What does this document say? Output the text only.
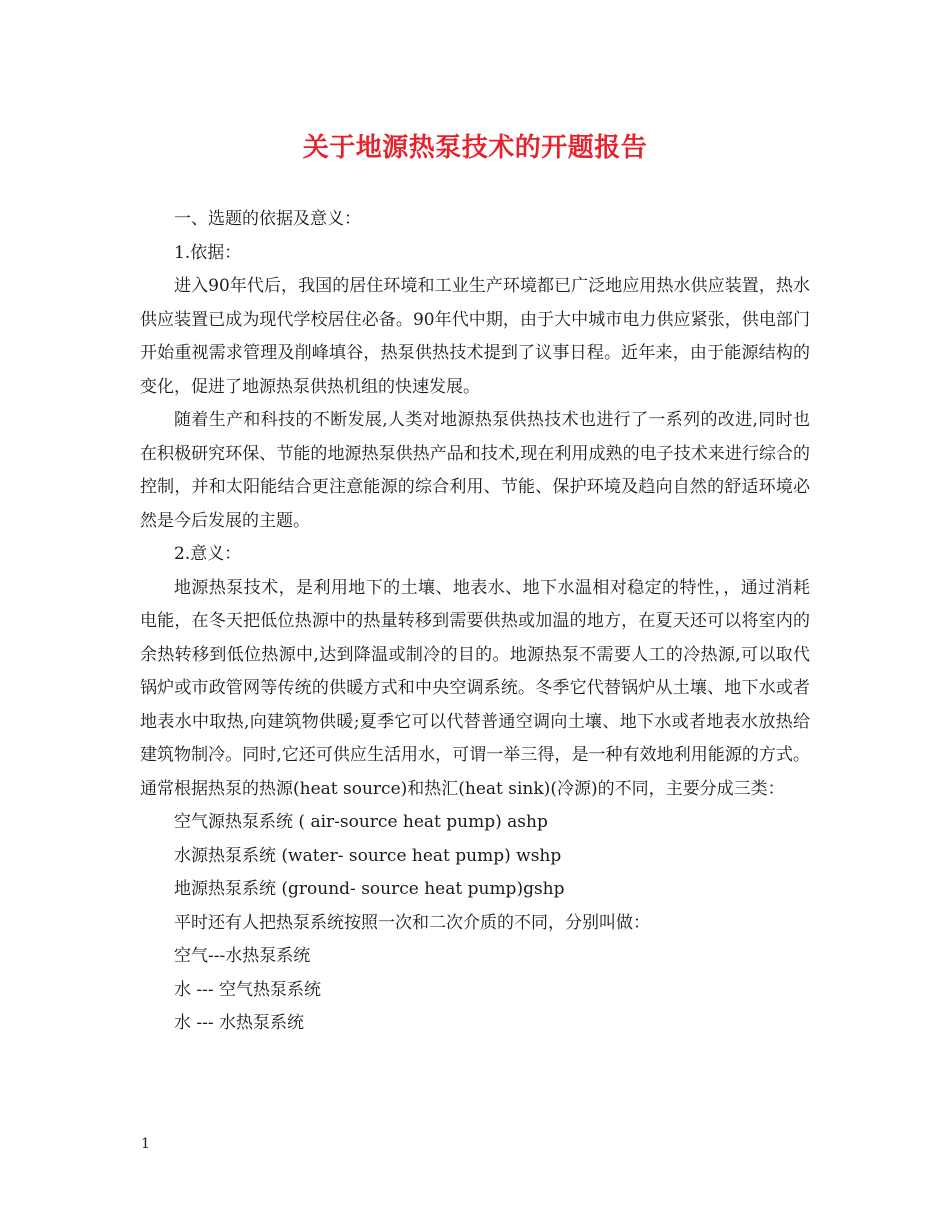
关于地源热泵技术的开题报告

一、选题的依据及意义：

1.依据：

进入90年代后，我国的居住环境和工业生产环境都已广泛地应用热水供应装置，热水供应装置已成为现代学校居住必备。90年代中期，由于大中城市电力供应紧张，供电部门开始重视需求管理及削峰填谷，热泵供热技术提到了议事日程。近年来，由于能源结构的变化，促进了地源热泵供热机组的快速发展。

随着生产和科技的不断发展,人类对地源热泵供热技术也进行了一系列的改进,同时也在积极研究环保、节能的地源热泵供热产品和技术,现在利用成熟的电子技术来进行综合的控制，并和太阳能结合更注意能源的综合利用、节能、保护环境及趋向自然的舒适环境必然是今后发展的主题。

2.意义：

地源热泵技术，是利用地下的土壤、地表水、地下水温相对稳定的特性，，通过消耗电能，在冬天把低位热源中的热量转移到需要供热或加温的地方，在夏天还可以将室内的余热转移到低位热源中,达到降温或制冷的目的。地源热泵不需要人工的冷热源,可以取代锅炉或市政管网等传统的供暖方式和中央空调系统。冬季它代替锅炉从土壤、地下水或者地表水中取热,向建筑物供暖;夏季它可以代替普通空调向土壤、地下水或者地表水放热给建筑物制冷。同时,它还可供应生活用水，可谓一举三得，是一种有效地利用能源的方式。通常根据热泵的热源(heat source)和热汇(heat sink)(冷源)的不同，主要分成三类：

空气源热泵系统 ( air-source heat pump) ashp

水源热泵系统 (water- source heat pump) wshp

地源热泵系统 (ground- source heat pump)gshp

平时还有人把热泵系统按照一次和二次介质的不同，分别叫做：

空气---水热泵系统

水 --- 空气热泵系统

水 --- 水热泵系统

1
